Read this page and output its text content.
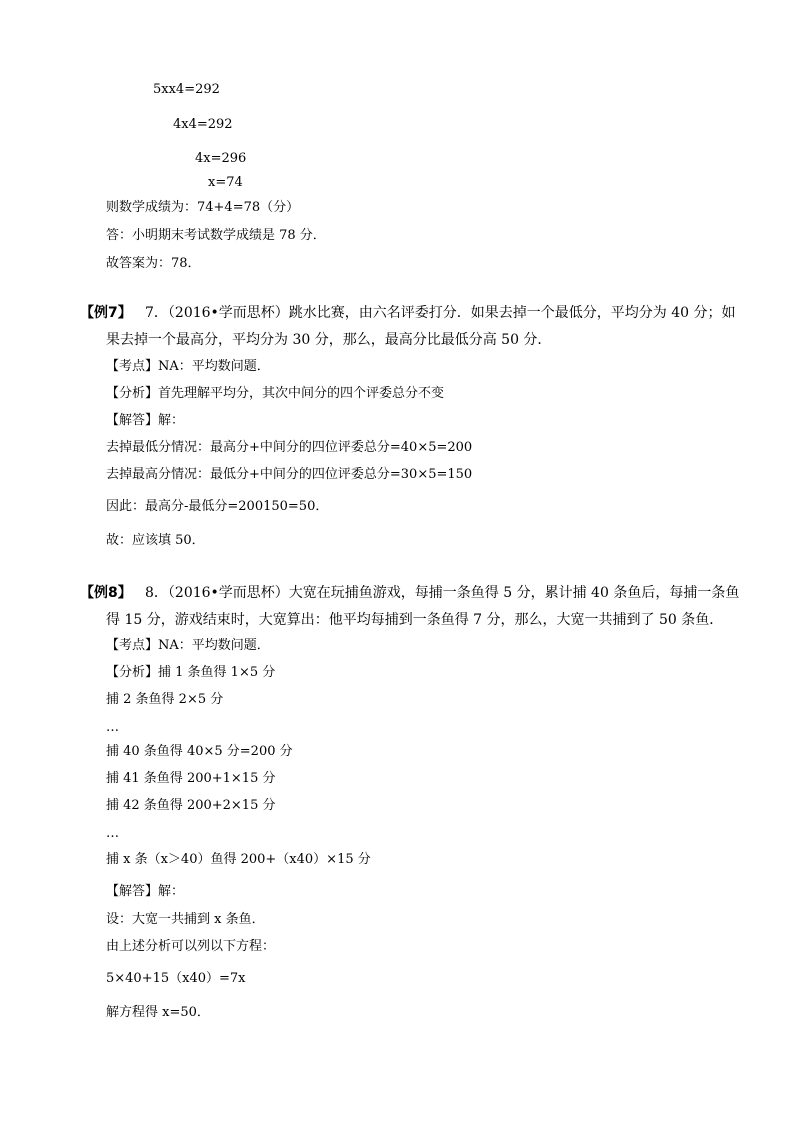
5xx4=292
4x4=292
4x=296
x=74
则数学成绩为：74+4=78（分）
答：小明期末考试数学成绩是 78 分．
故答案为：78．
【例7】 7．（2016•学而思杯）跳水比赛，由六名评委打分．如果去掉一个最低分，平均分为 40 分；如
果去掉一个最高分，平均分为 30 分，那么，最高分比最低分高 50 分．
【考点】NA：平均数问题．
【分析】首先理解平均分，其次中间分的四个评委总分不变
【解答】解：
去掉最低分情况：最高分+中间分的四位评委总分=40×5=200
去掉最高分情况：最低分+中间分的四位评委总分=30×5=150
因此：最高分-最低分=200150=50．
故：应该填 50．
【例8】 8．（2016•学而思杯）大宽在玩捕鱼游戏，每捕一条鱼得 5 分，累计捕 40 条鱼后，每捕一条鱼
得 15 分，游戏结束时，大宽算出：他平均每捕到一条鱼得 7 分，那么，大宽一共捕到了 50 条鱼．
【考点】NA：平均数问题．
【分析】捕 1 条鱼得 1×5 分
捕 2 条鱼得 2×5 分
…
捕 40 条鱼得 40×5 分=200 分
捕 41 条鱼得 200+1×15 分
捕 42 条鱼得 200+2×15 分
…
捕 x 条（x＞40）鱼得 200+（x40）×15 分
【解答】解：
设：大宽一共捕到 x 条鱼．
由上述分析可以列以下方程：
5×40+15（x40）=7x
解方程得 x=50．
